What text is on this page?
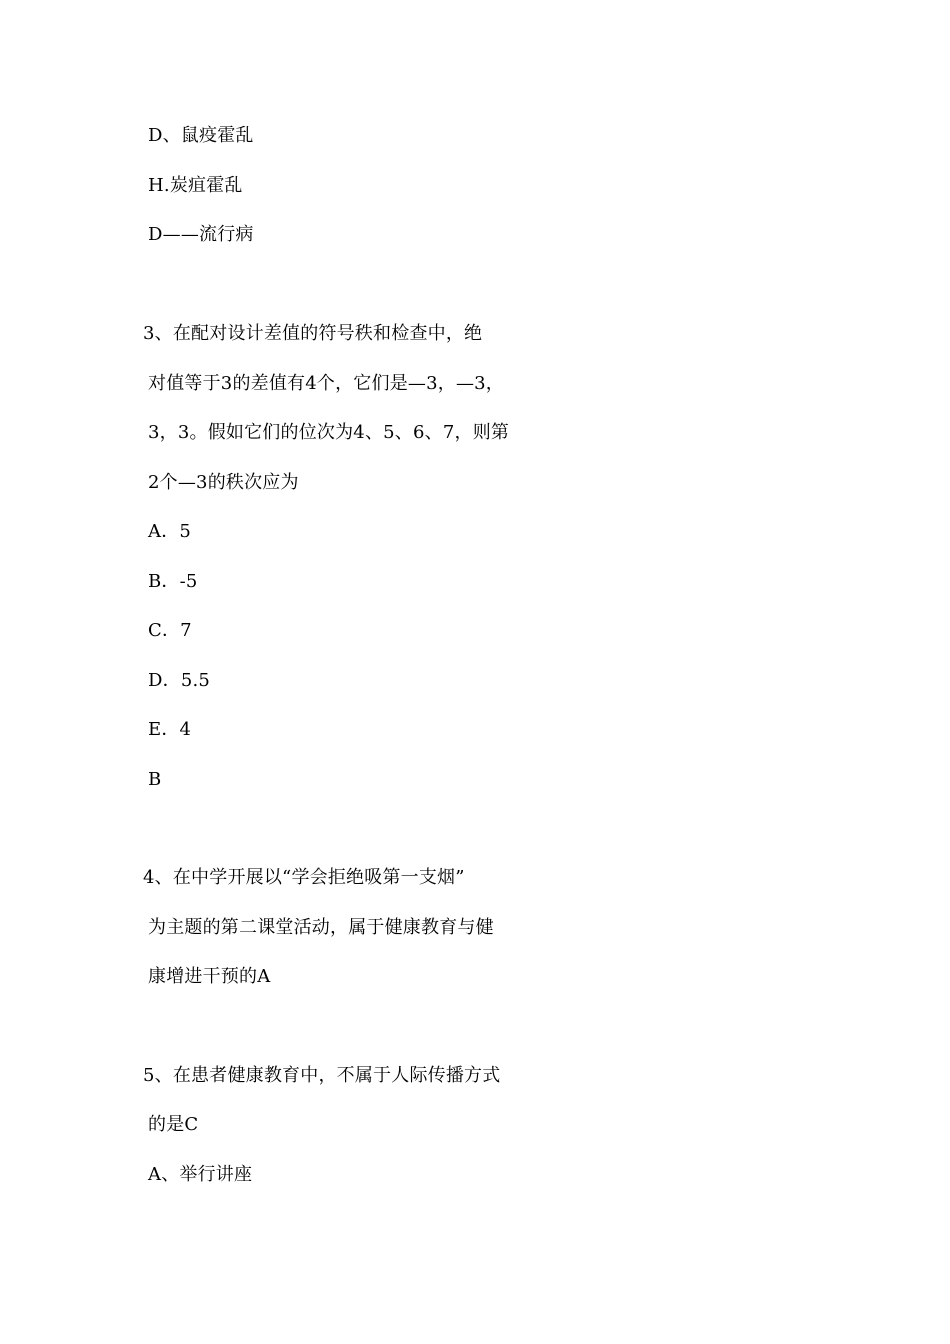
D、鼠疫霍乱
H.炭疽霍乱
D——流行病
3、在配对设计差值的符号秩和检查中，绝
对值等于3的差值有4个，它们是—3，—3，
3，3。假如它们的位次为4、5、6、7，则第
2个—3的秩次应为
A．5
B．-5
C．7
D．5.5
E．4
B
4、在中学开展以“学会拒绝吸第一支烟”
为主题的第二课堂活动，属于健康教育与健
康增进干预的A
5、在患者健康教育中，不属于人际传播方式
的是C
A、举行讲座
